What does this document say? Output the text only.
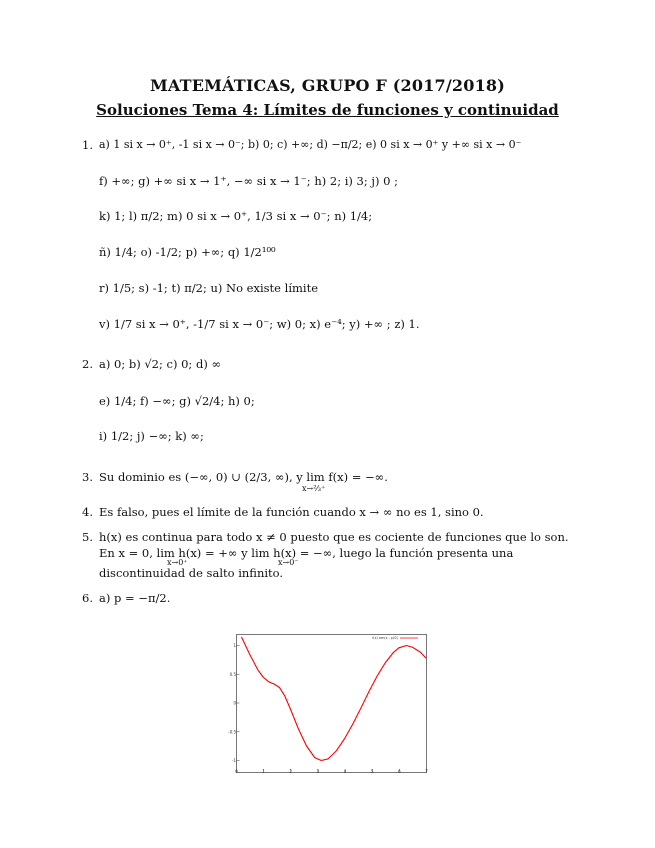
MATEMÁTICAS, GRUPO F (2017/2018)
Soluciones Tema 4: Límites de funciones y continuidad
1. a) 1 si x → 0⁺, -1 si x → 0⁻; b) 0; c) +∞; d) −π/2; e) 0 si x → 0⁺ y +∞ si x → 0⁻
f) +∞; g) +∞ si x → 1⁺, −∞ si x → 1⁻; h) 2; i) 3; j) 0 ;
k) 1; l) π/2; m) 0 si x → 0⁺, 1/3 si x → 0⁻; n) 1/4;
ñ) 1/4; o) -1/2; p) +∞; q) 1/2¹⁰⁰
r) 1/5; s) -1; t) π/2; u) No existe límite
v) 1/7 si x → 0⁺, -1/7 si x → 0⁻; w) 0; x) e⁻⁴; y) +∞ ; z) 1.
2. a) 0; b) √2; c) 0; d) ∞
e) 1/4; f) −∞; g) √2/4; h) 0;
i) 1/2; j) −∞; k) ∞;
3. Su dominio es (−∞, 0) ∪ (2/3, ∞), y lim f(x) = −∞.
x→⅔⁺
4. Es falso, pues el límite de la función cuando x → ∞ no es 1, sino 0.
5. h(x) es continua para todo x ≠ 0 puesto que es cociente de funciones que lo son.
En x = 0, lim h(x) = +∞ y lim h(x) = −∞, luego la función presenta una
discontinuidad de salto infinito.
x→0⁺	x→0⁻
6. a) p = −π/2.
0	1	2	3	4	5	6	7
1
0.5
0
-0.5
-1
f(x) sen(x - pi/2)
